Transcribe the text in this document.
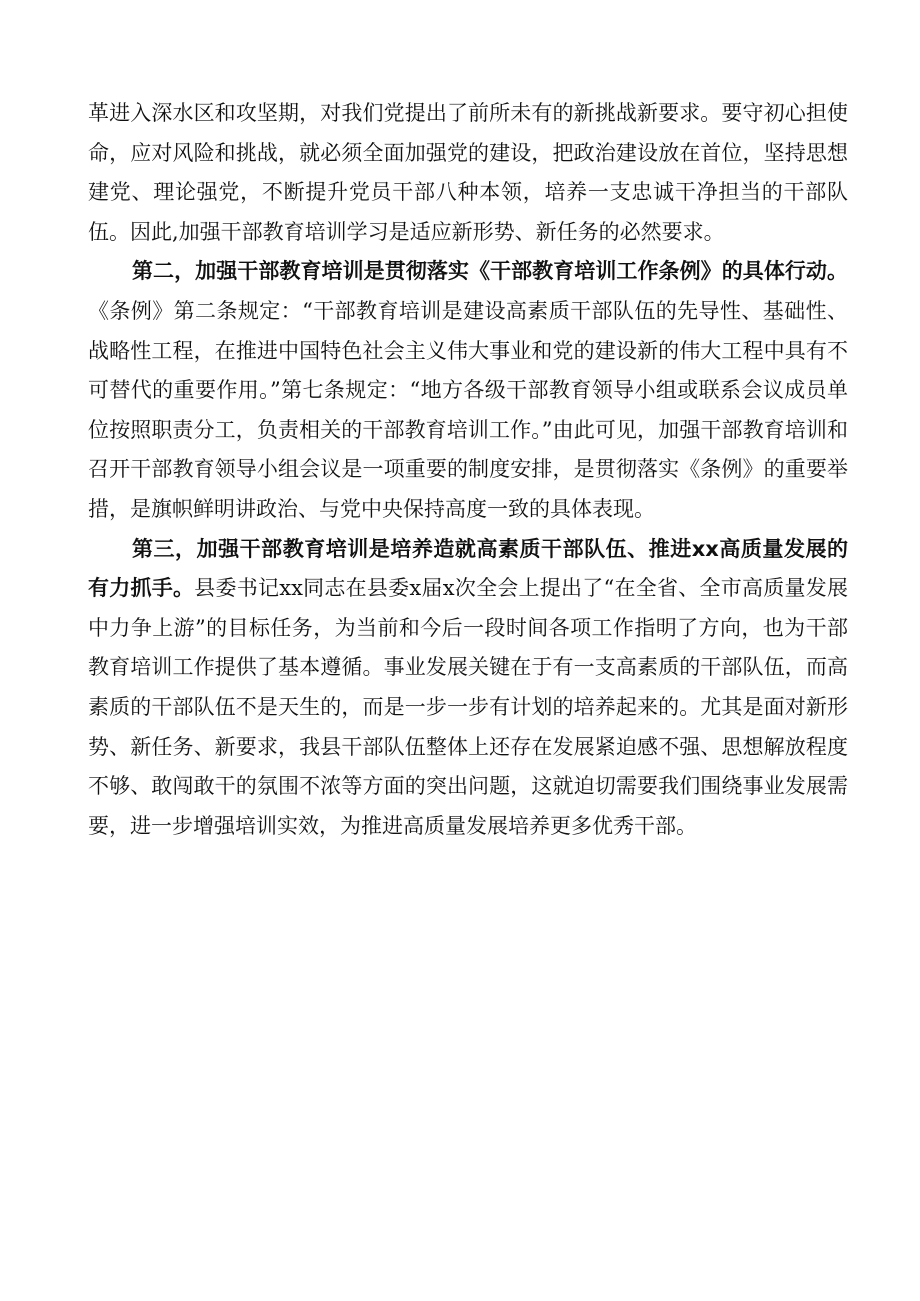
革进入深水区和攻坚期，对我们党提出了前所未有的新挑战新要求。要守初心担使命，应对风险和挑战，就必须全面加强党的建设，把政治建设放在首位，坚持思想建党、理论强党，不断提升党员干部八种本领，培养一支忠诚干净担当的干部队伍。因此,加强干部教育培训学习是适应新形势、新任务的必然要求。

第二，加强干部教育培训是贯彻落实《干部教育培训工作条例》的具体行动。《条例》第二条规定：“干部教育培训是建设高素质干部队伍的先导性、基础性、战略性工程，在推进中国特色社会主义伟大事业和党的建设新的伟大工程中具有不可替代的重要作用。”第七条规定：“地方各级干部教育领导小组或联系会议成员单位按照职责分工，负责相关的干部教育培训工作。”由此可见，加强干部教育培训和召开干部教育领导小组会议是一项重要的制度安排，是贯彻落实《条例》的重要举措，是旗帜鲜明讲政治、与党中央保持高度一致的具体表现。

第三，加强干部教育培训是培养造就高素质干部队伍、推进xx高质量发展的有力抓手。县委书记xx同志在县委x届x次全会上提出了“在全省、全市高质量发展中力争上游”的目标任务，为当前和今后一段时间各项工作指明了方向，也为干部教育培训工作提供了基本遵循。事业发展关键在于有一支高素质的干部队伍，而高素质的干部队伍不是天生的，而是一步一步有计划的培养起来的。尤其是面对新形势、新任务、新要求，我县干部队伍整体上还存在发展紧迫感不强、思想解放程度不够、敢闯敢干的氛围不浓等方面的突出问题，这就迫切需要我们围绕事业发展需要，进一步增强培训实效，为推进高质量发展培养更多优秀干部。
